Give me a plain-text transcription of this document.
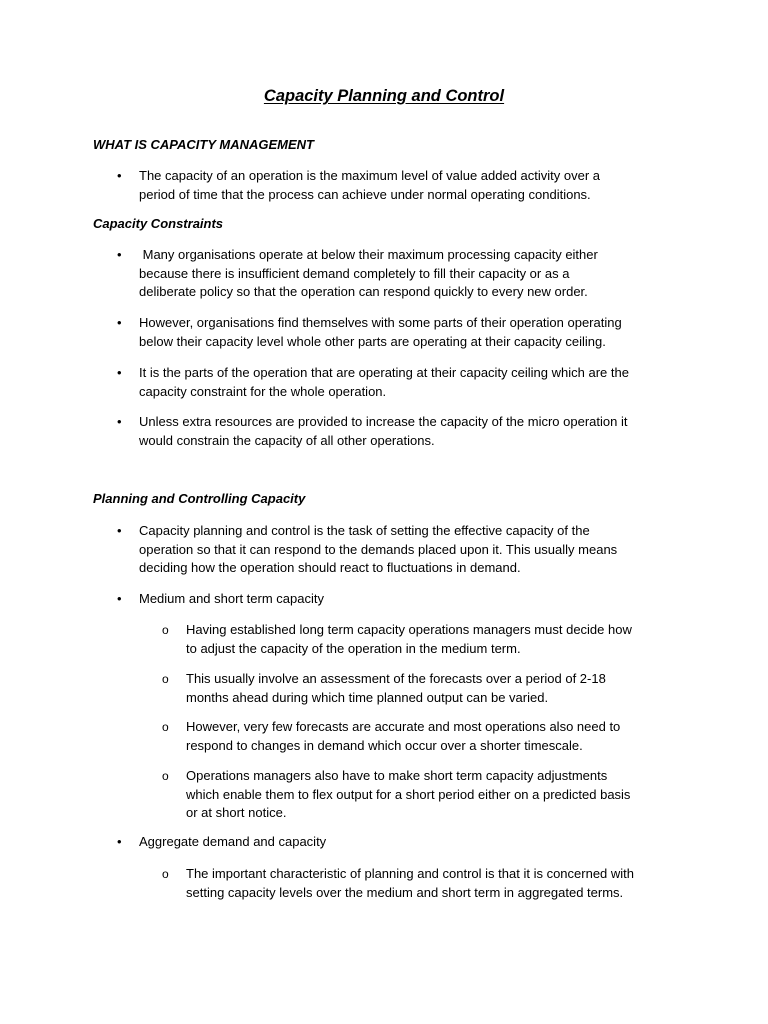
Capacity Planning and Control
WHAT IS CAPACITY MANAGEMENT
• The capacity of an operation is the maximum level of value added activity over a
period of time that the process can achieve under normal operating conditions.
Capacity Constraints
• Many organisations operate at below their maximum processing capacity either
because there is insufficient demand completely to fill their capacity or as a
deliberate policy so that the operation can respond quickly to every new order.
• However, organisations find themselves with some parts of their operation operating
below their capacity level whole other parts are operating at their capacity ceiling.
• It is the parts of the operation that are operating at their capacity ceiling which are the
capacity constraint for the whole operation.
• Unless extra resources are provided to increase the capacity of the micro operation it
would constrain the capacity of all other operations.
Planning and Controlling Capacity
• Capacity planning and control is the task of setting the effective capacity of the
operation so that it can respond to the demands placed upon it. This usually means
deciding how the operation should react to fluctuations in demand.
• Medium and short term capacity
o Having established long term capacity operations managers must decide how
to adjust the capacity of the operation in the medium term.
o This usually involve an assessment of the forecasts over a period of 2-18
months ahead during which time planned output can be varied.
o However, very few forecasts are accurate and most operations also need to
respond to changes in demand which occur over a shorter timescale.
o Operations managers also have to make short term capacity adjustments
which enable them to flex output for a short period either on a predicted basis
or at short notice.
• Aggregate demand and capacity
o The important characteristic of planning and control is that it is concerned with
setting capacity levels over the medium and short term in aggregated terms.
